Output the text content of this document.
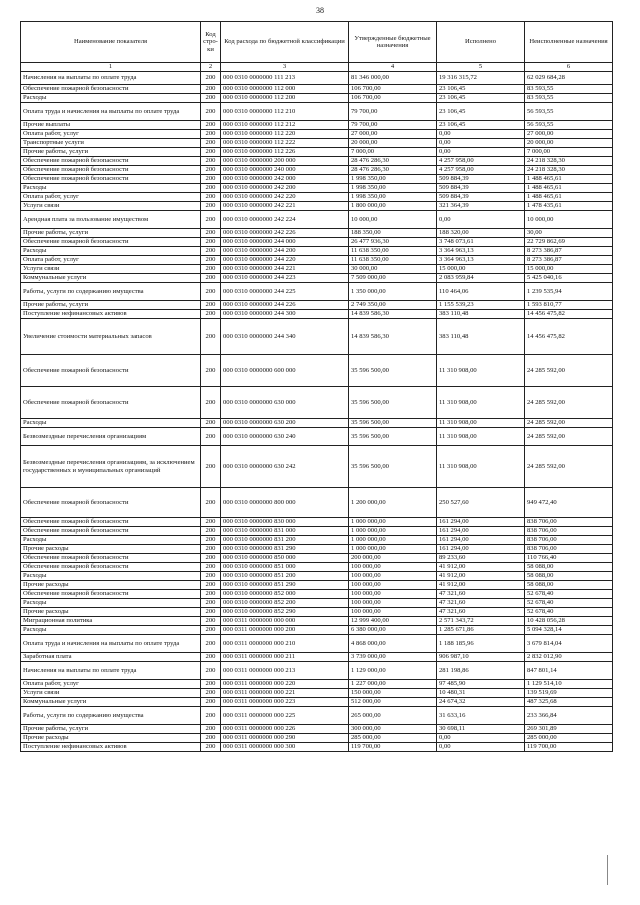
38
Наименование показателя	Код стро-ки	Код расхода по бюджетной классификации	Утвержденные бюджетные назначения	Исполнено	Неисполненные назначения
1	2	3	4	5	6
Начисления на выплаты по оплате труда	200	000 0310 0000000 111 213	81 346 000,00	19 316 315,72	62 029 684,28
Обеспечение пожарной безопасности	200	000 0310 0000000 112 000	106 700,00	23 106,45	83 593,55
Расходы	200	000 0310 0000000 112 200	106 700,00	23 106,45	83 593,55
Оплата труда и начисления на выплаты по оплате труда	200	000 0310 0000000 112 210	79 700,00	23 106,45	56 593,55
Прочие выплаты	200	000 0310 0000000 112 212	79 700,00	23 106,45	56 593,55
Оплата работ, услуг	200	000 0310 0000000 112 220	27 000,00	0,00	27 000,00
Транспортные услуги	200	000 0310 0000000 112 222	20 000,00	0,00	20 000,00
Прочие работы, услуги	200	000 0310 0000000 112 226	7 000,00	0,00	7 000,00
Обеспечение пожарной безопасности	200	000 0310 0000000 200 000	28 476 286,30	4 257 958,00	24 218 328,30
Обеспечение пожарной безопасности	200	000 0310 0000000 240 000	28 476 286,30	4 257 958,00	24 218 328,30
Обеспечение пожарной безопасности	200	000 0310 0000000 242 000	1 998 350,00	509 884,39	1 488 465,61
Расходы	200	000 0310 0000000 242 200	1 998 350,00	509 884,39	1 488 465,61
Оплата работ, услуг	200	000 0310 0000000 242 220	1 998 350,00	509 884,39	1 488 465,61
Услуги связи	200	000 0310 0000000 242 221	1 800 000,00	321 364,39	1 478 435,61
Арендная плата за пользование имуществом	200	000 0310 0000000 242 224	10 000,00	0,00	10 000,00
Прочие работы, услуги	200	000 0310 0000000 242 226	188 350,00	188 320,00	30,00
Обеспечение пожарной безопасности	200	000 0310 0000000 244 000	26 477 936,30	3 748 073,61	22 729 862,69
Расходы	200	000 0310 0000000 244 200	11 638 350,00	3 364 963,13	8 273 386,87
Оплата работ, услуг	200	000 0310 0000000 244 220	11 638 350,00	3 364 963,13	8 273 386,87
Услуги связи	200	000 0310 0000000 244 221	30 000,00	15 000,00	15 000,00
Коммунальные услуги	200	000 0310 0000000 244 223	7 509 000,00	2 083 959,84	5 425 040,16
Работы, услуги по содержанию имущества	200	000 0310 0000000 244 225	1 350 000,00	110 464,06	1 239 535,94
Прочие работы, услуги	200	000 0310 0000000 244 226	2 749 350,00	1 155 539,23	1 593 810,77
Поступление нефинансовых активов	200	000 0310 0000000 244 300	14 839 586,30	383 110,48	14 456 475,82
Увеличение стоимости материальных запасов	200	000 0310 0000000 244 340	14 839 586,30	383 110,48	14 456 475,82
Обеспечение пожарной безопасности	200	000 0310 0000000 600 000	35 596 500,00	11 310 908,00	24 285 592,00
Обеспечение пожарной безопасности	200	000 0310 0000000 630 000	35 596 500,00	11 310 908,00	24 285 592,00
Расходы	200	000 0310 0000000 630 200	35 596 500,00	11 310 908,00	24 285 592,00
Безвозмездные перечисления организациям	200	000 0310 0000000 630 240	35 596 500,00	11 310 908,00	24 285 592,00
Безвозмездные перечисления организациям, за исключением государственных и муниципальных организаций	200	000 0310 0000000 630 242	35 596 500,00	11 310 908,00	24 285 592,00
Обеспечение пожарной безопасности	200	000 0310 0000000 800 000	1 200 000,00	250 527,60	949 472,40
Обеспечение пожарной безопасности	200	000 0310 0000000 830 000	1 000 000,00	161 294,00	838 706,00
Обеспечение пожарной безопасности	200	000 0310 0000000 831 000	1 000 000,00	161 294,00	838 706,00
Расходы	200	000 0310 0000000 831 200	1 000 000,00	161 294,00	838 706,00
Прочие расходы	200	000 0310 0000000 831 290	1 000 000,00	161 294,00	838 706,00
Обеспечение пожарной безопасности	200	000 0310 0000000 850 000	200 000,00	89 233,60	110 766,40
Обеспечение пожарной безопасности	200	000 0310 0000000 851 000	100 000,00	41 912,00	58 088,00
Расходы	200	000 0310 0000000 851 200	100 000,00	41 912,00	58 088,00
Прочие расходы	200	000 0310 0000000 851 290	100 000,00	41 912,00	58 088,00
Обеспечение пожарной безопасности	200	000 0310 0000000 852 000	100 000,00	47 321,60	52 678,40
Расходы	200	000 0310 0000000 852 200	100 000,00	47 321,60	52 678,40
Прочие расходы	200	000 0310 0000000 852 290	100 000,00	47 321,60	52 678,40
Миграционная политика	200	000 0311 0000000 000 000	12 999 400,00	2 571 343,72	10 428 056,28
Расходы	200	000 0311 0000000 000 200	6 380 000,00	1 285 671,86	5 094 328,14
Оплата труда и начисления на выплаты по оплате труда	200	000 0311 0000000 000 210	4 868 000,00	1 188 185,96	3 679 814,04
Заработная плата	200	000 0311 0000000 000 211	3 739 000,00	906 987,10	2 832 012,90
Начисления на выплаты по оплате труда	200	000 0311 0000000 000 213	1 129 000,00	281 198,86	847 801,14
Оплата работ, услуг	200	000 0311 0000000 000 220	1 227 000,00	97 485,90	1 129 514,10
Услуги связи	200	000 0311 0000000 000 221	150 000,00	10 480,31	139 519,69
Коммунальные услуги	200	000 0311 0000000 000 223	512 000,00	24 674,32	487 325,68
Работы, услуги по содержанию имущества	200	000 0311 0000000 000 225	265 000,00	31 633,16	233 366,84
Прочие работы, услуги	200	000 0311 0000000 000 226	300 000,00	30 698,11	269 301,89
Прочие расходы	200	000 0311 0000000 000 290	285 000,00	0,00	285 000,00
Поступление нефинансовых активов	200	000 0311 0000000 000 300	119 700,00	0,00	119 700,00
